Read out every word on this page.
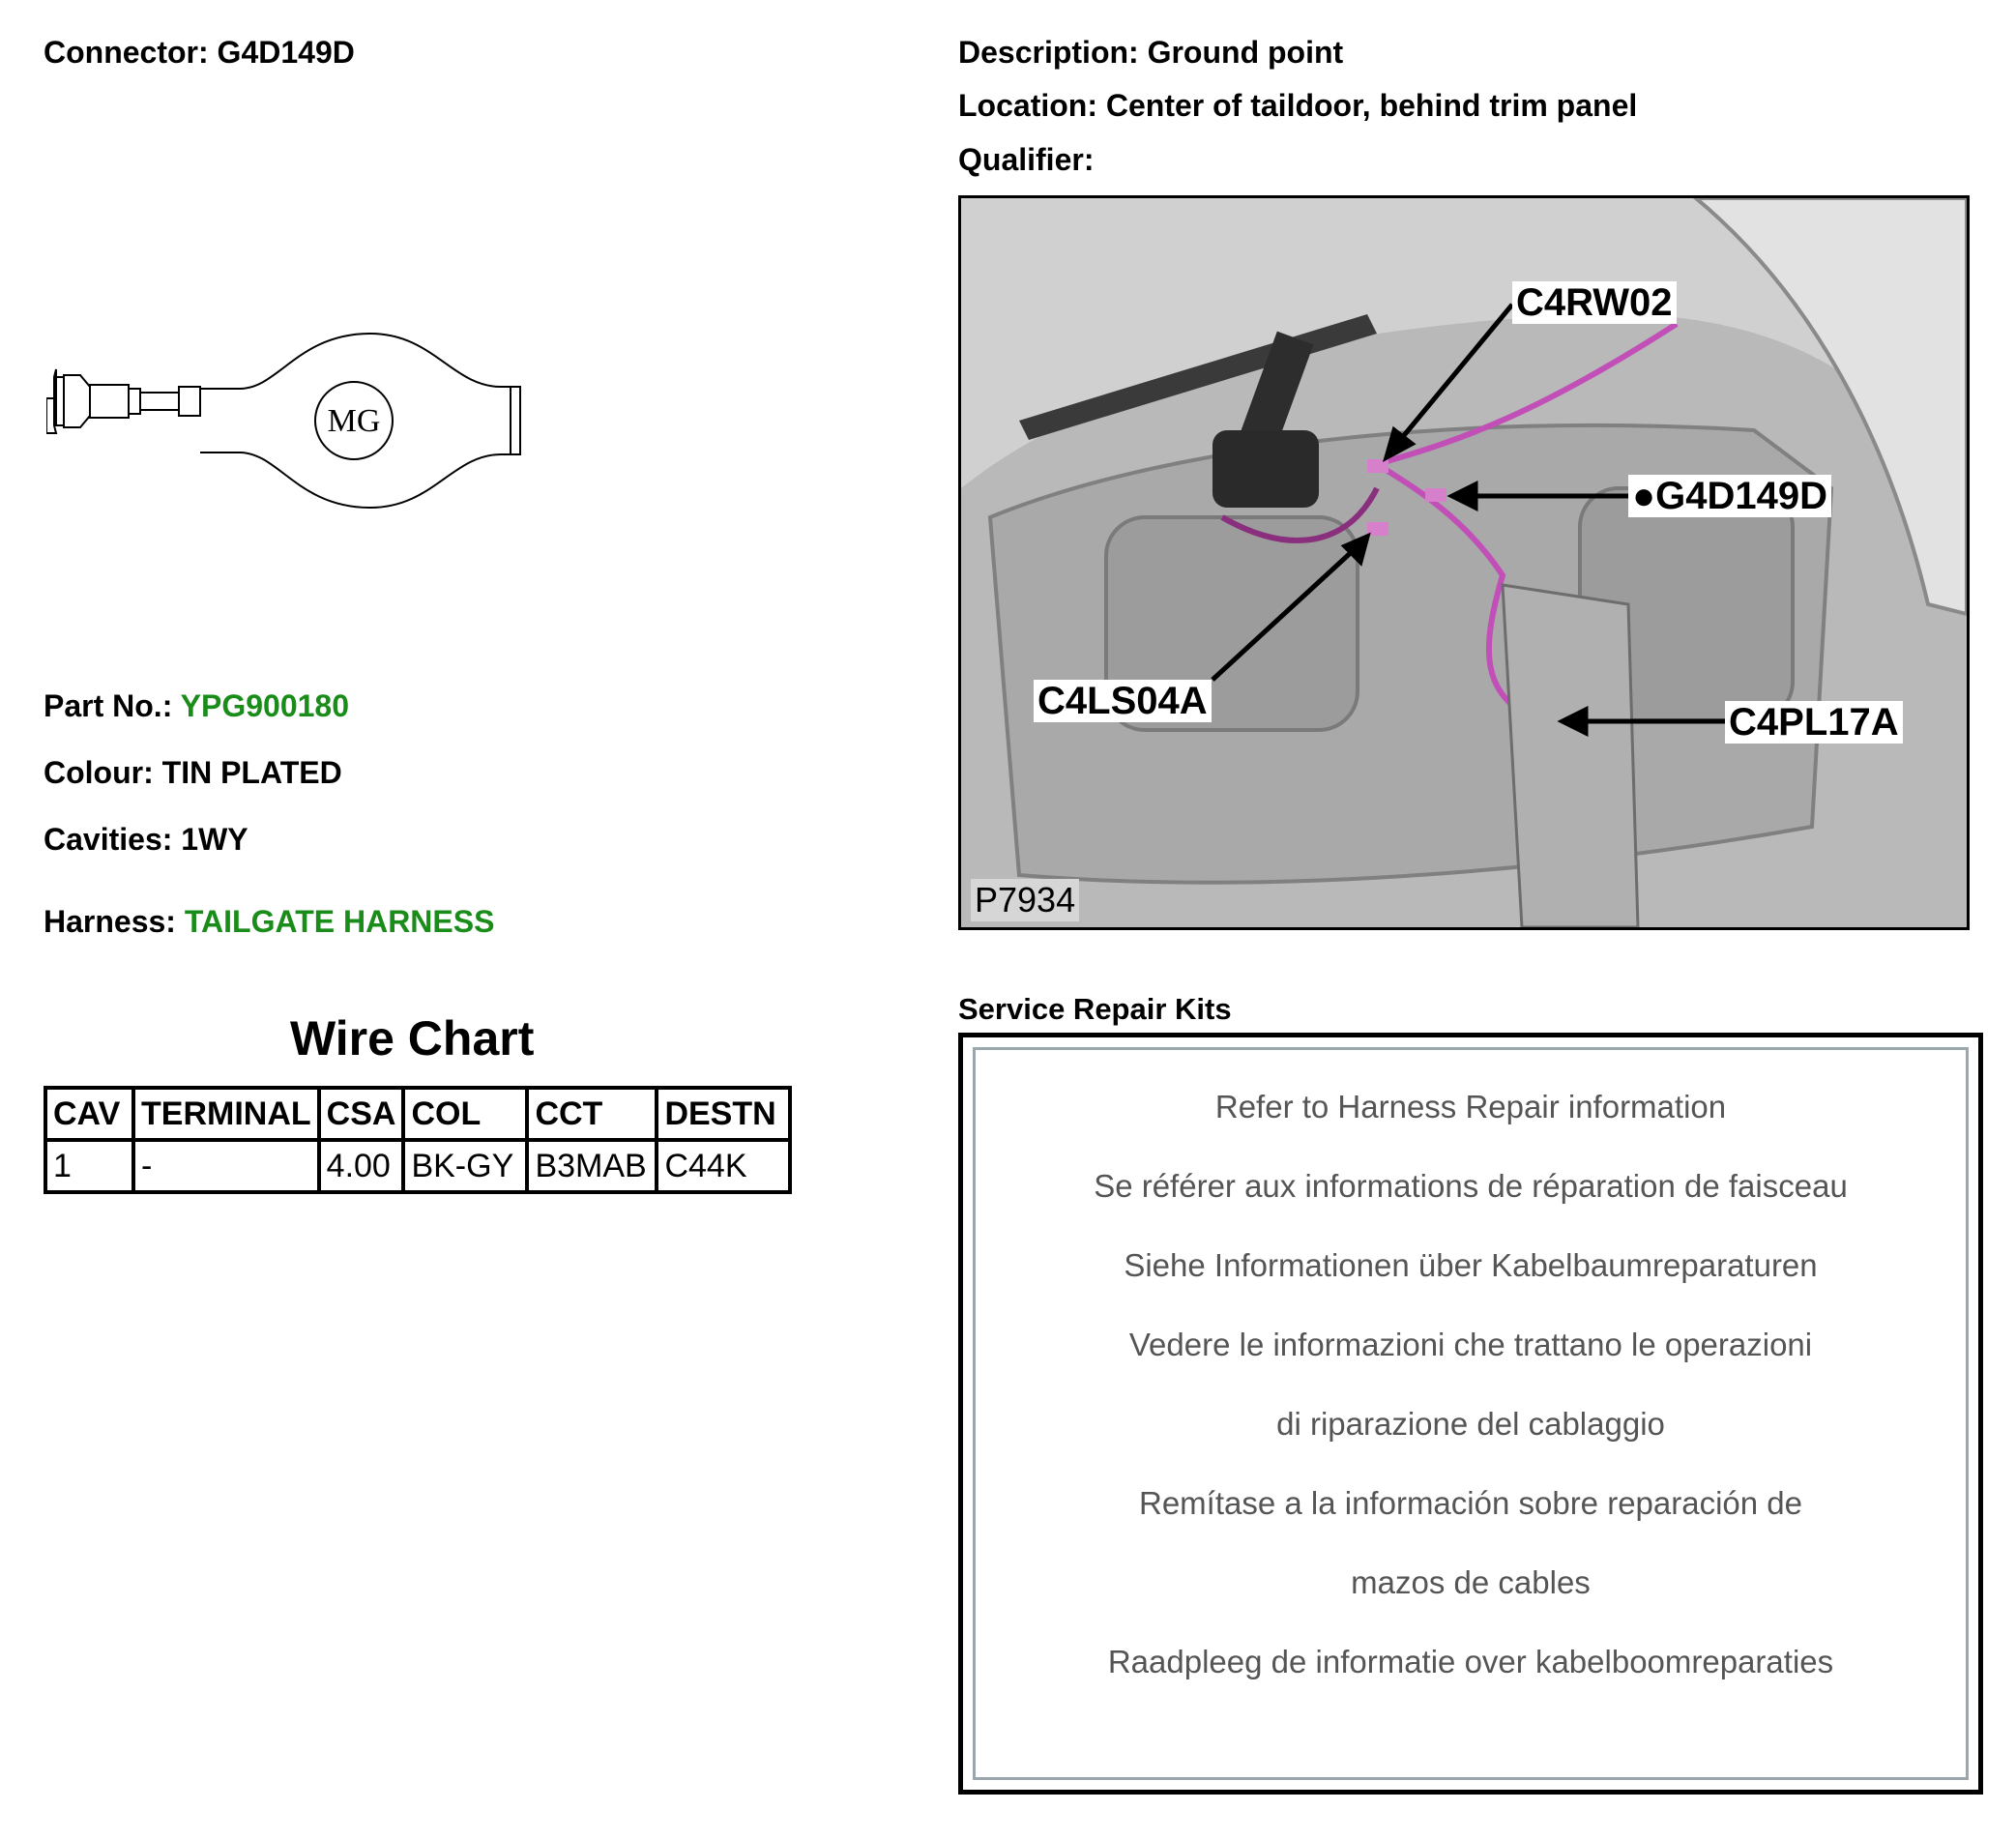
Connector: G4D149D
MG
Part No.: YPG900180
Colour: TIN PLATED
Cavities: 1WY
Harness: TAILGATE HARNESS
Wire Chart
CAV	TERMINAL	CSA	COL	CCT	DESTN
1	-	4.00	BK-GY	B3MAB	C44K
Description: Ground point
Location: Center of taildoor, behind trim panel
Qualifier:
C4RW02
●G4D149D
C4LS04A	C4PL17A
P7934
Service Repair Kits
Refer to Harness Repair information
Se référer aux informations de réparation de faisceau
Siehe Informationen über Kabelbaumreparaturen
Vedere le informazioni che trattano le operazioni
di riparazione del cablaggio
Remítase a la información sobre reparación de
mazos de cables
Raadpleeg de informatie over kabelboomreparaties
